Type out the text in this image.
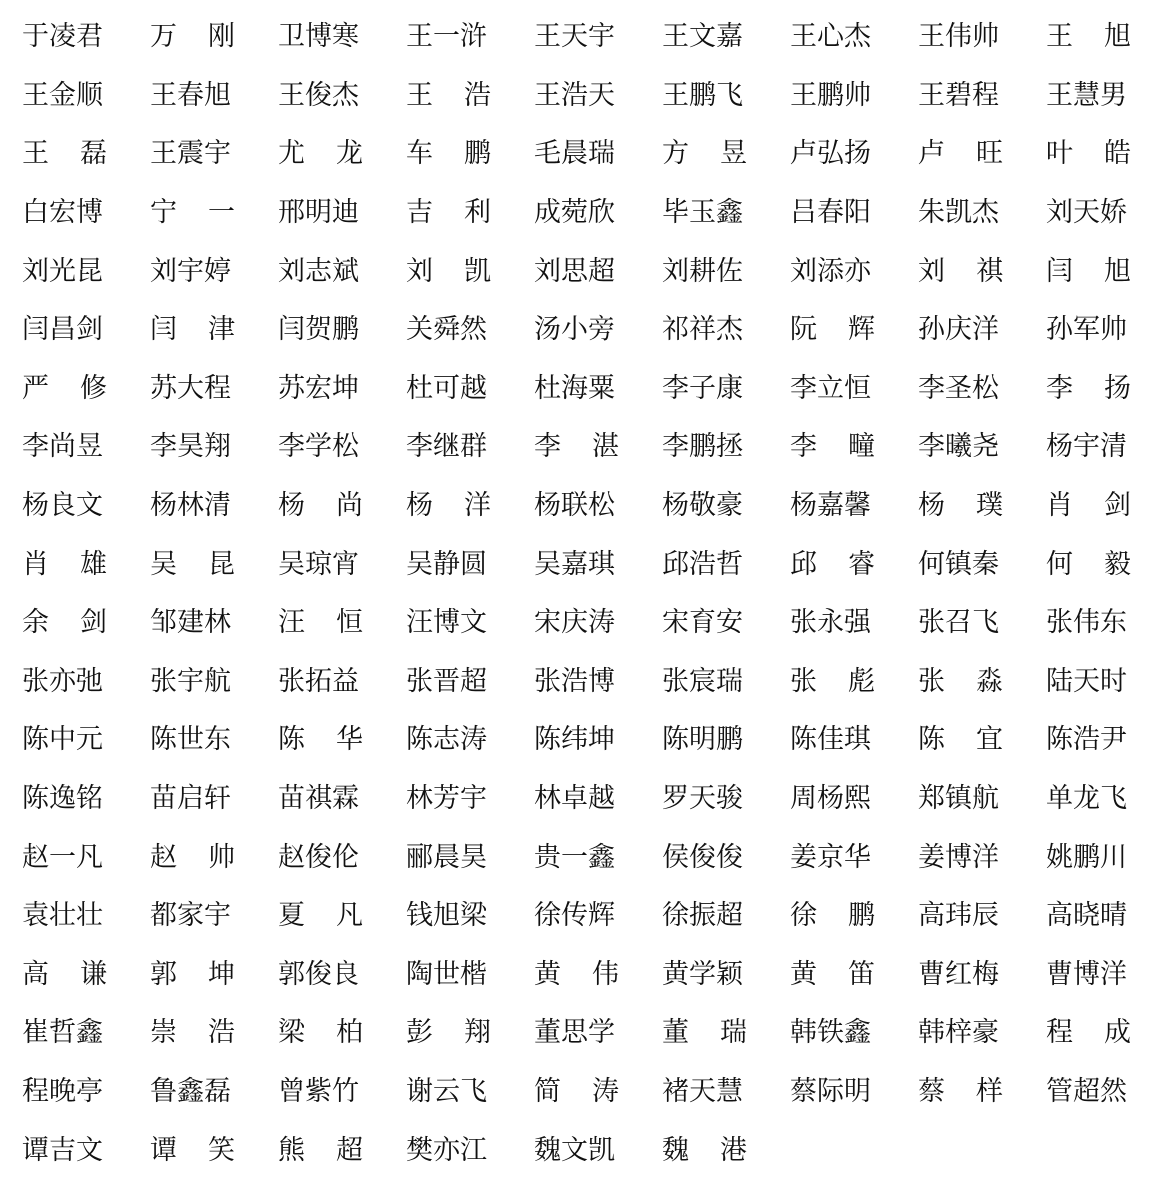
于凌君 万 刚 卫博寒 王一浒 王天宇 王文嘉 王心杰 王伟帅 王 旭
王金顺 王春旭 王俊杰 王 浩 王浩天 王鹏飞 王鹏帅 王碧程 王慧男
王 磊 王震宇 尤 龙 车 鹏 毛晨瑞 方 昱 卢弘扬 卢 旺 叶 皓
白宏博 宁 一 邢明迪 吉 利 成菀欣 毕玉鑫 吕春阳 朱凯杰 刘天娇
刘光昆 刘宇婷 刘志斌 刘 凯 刘思超 刘耕佐 刘添亦 刘 祺 闫 旭
闫昌剑 闫 津 闫贺鹏 关舜然 汤小旁 祁祥杰 阮 辉 孙庆洋 孙军帅
严 修 苏大程 苏宏坤 杜可越 杜海粟 李子康 李立恒 李圣松 李 扬
李尚昱 李昊翔 李学松 李继群 李 湛 李鹏拯 李 疃 李曦尧 杨宇清
杨良文 杨林清 杨 尚 杨 洋 杨联松 杨敬豪 杨嘉馨 杨 璞 肖 剑
肖 雄 吴 昆 吴琼宵 吴静圆 吴嘉琪 邱浩哲 邱 睿 何镇秦 何 毅
余 剑 邹建林 汪 恒 汪博文 宋庆涛 宋育安 张永强 张召飞 张伟东
张亦弛 张宇航 张拓益 张晋超 张浩博 张宸瑞 张 彪 张 淼 陆天时
陈中元 陈世东 陈 华 陈志涛 陈纬坤 陈明鹏 陈佳琪 陈 宜 陈浩尹
陈逸铭 苗启轩 苗祺霖 林芳宇 林卓越 罗天骏 周杨熙 郑镇航 单龙飞
赵一凡 赵 帅 赵俊伦 郦晨昊 贵一鑫 侯俊俊 姜京华 姜博洋 姚鹏川
袁壮壮 都家宇 夏 凡 钱旭梁 徐传辉 徐振超 徐 鹏 高玮辰 高晓晴
高 谦 郭 坤 郭俊良 陶世楷 黄 伟 黄学颖 黄 笛 曹红梅 曹博洋
崔哲鑫 崇 浩 梁 柏 彭 翔 董思学 董 瑞 韩铁鑫 韩梓豪 程 成
程晚亭 鲁鑫磊 曾紫竹 谢云飞 简 涛 褚天慧 蔡际明 蔡 样 管超然
谭吉文 谭 笑 熊 超 樊亦江 魏文凯 魏 港
